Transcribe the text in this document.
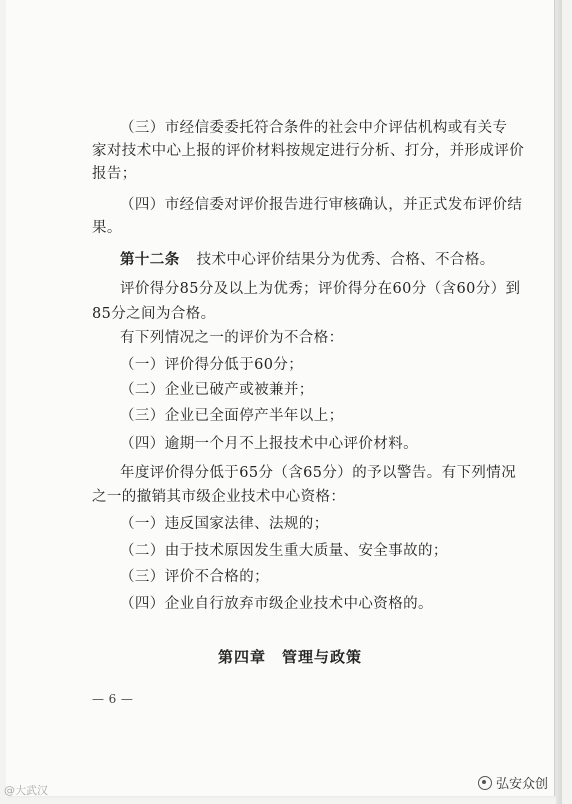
（三）市经信委委托符合条件的社会中介评估机构或有关专
家对技术中心上报的评价材料按规定进行分析、打分，并形成评价
报告；
（四）市经信委对评价报告进行审核确认，并正式发布评价结
果。
第十二条 技术中心评价结果分为优秀、合格、不合格。
评价得分85分及以上为优秀；评价得分在60分（含60分）到
85分之间为合格。
有下列情况之一的评价为不合格：
（一）评价得分低于60分；
（二）企业已破产或被兼并；
（三）企业已全面停产半年以上；
（四）逾期一个月不上报技术中心评价材料。
年度评价得分低于65分（含65分）的予以警告。有下列情况
之一的撤销其市级企业技术中心资格：
（一）违反国家法律、法规的；
（二）由于技术原因发生重大质量、安全事故的；
（三）评价不合格的；
（四）企业自行放弃市级企业技术中心资格的。
第四章　管理与政策
— 6 —
@大武汉	弘安众创
